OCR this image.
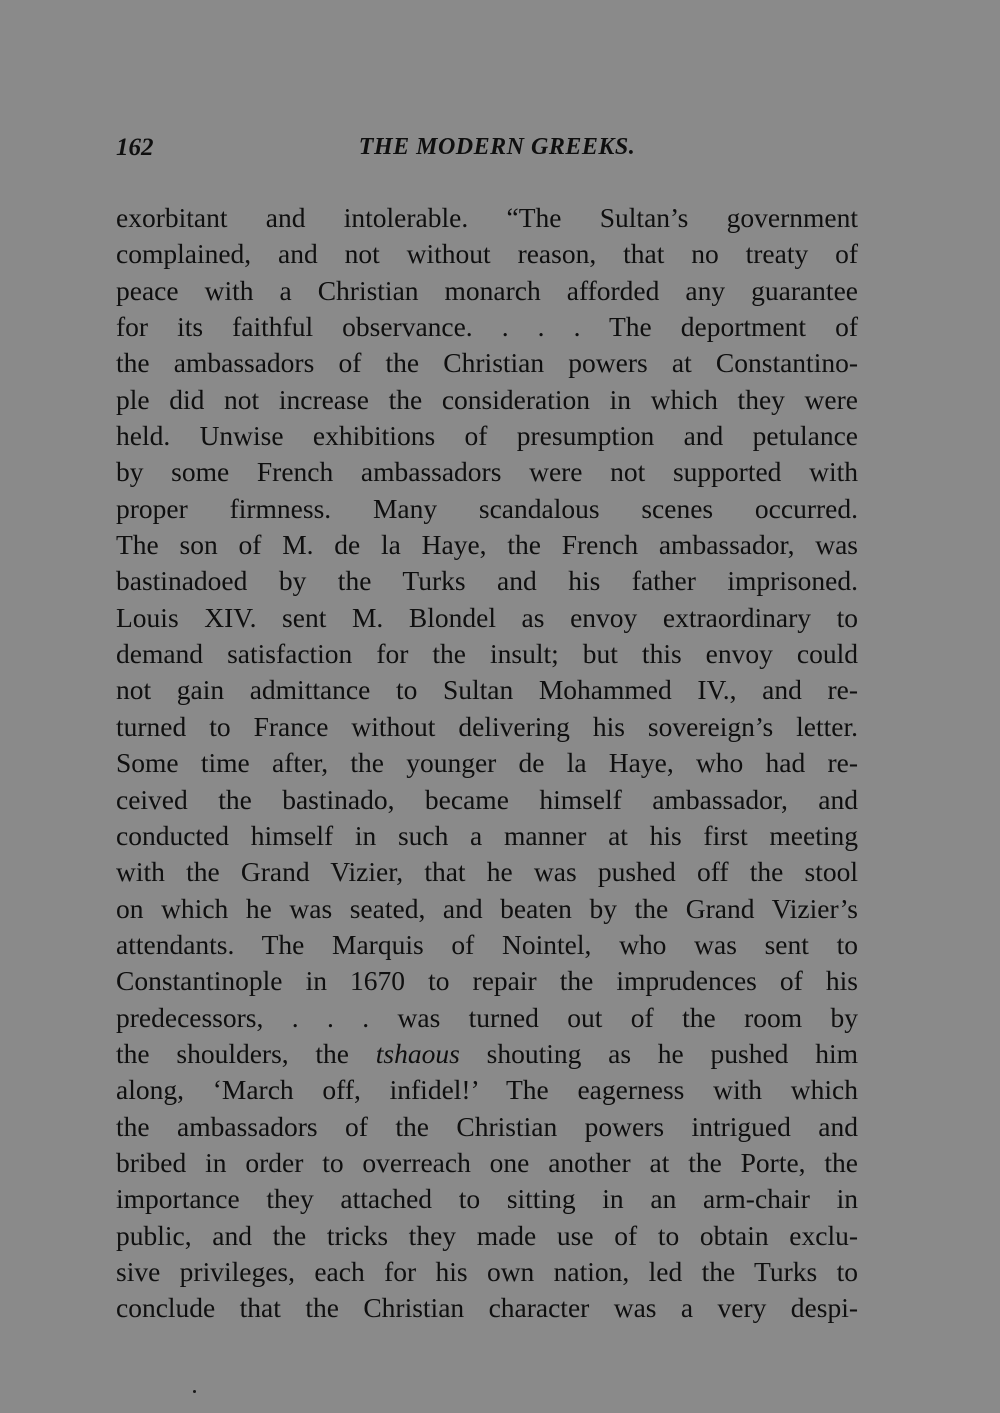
162	THE MODERN GREEKS.
exorbitant and intolerable. “The Sultan’s government
complained, and not without reason, that no treaty of
peace with a Christian monarch afforded any guarantee
for its faithful observance. . . . The deportment of
the ambassadors of the Christian powers at Constantino-
ple did not increase the consideration in which they were
held. Unwise exhibitions of presumption and petulance
by some French ambassadors were not supported with
proper firmness. Many scandalous scenes occurred.
The son of M. de la Haye, the French ambassador, was
bastinadoed by the Turks and his father imprisoned.
Louis XIV. sent M. Blondel as envoy extraordinary to
demand satisfaction for the insult; but this envoy could
not gain admittance to Sultan Mohammed IV., and re-
turned to France without delivering his sovereign’s letter.
Some time after, the younger de la Haye, who had re-
ceived the bastinado, became himself ambassador, and
conducted himself in such a manner at his first meeting
with the Grand Vizier, that he was pushed off the stool
on which he was seated, and beaten by the Grand Vizier’s
attendants. The Marquis of Nointel, who was sent to
Constantinople in 1670 to repair the imprudences of his
predecessors, . . . was turned out of the room by
the shoulders, the tshaous shouting as he pushed him
along, ‘March off, infidel!’ The eagerness with which
the ambassadors of the Christian powers intrigued and
bribed in order to overreach one another at the Porte, the
importance they attached to sitting in an arm-chair in
public, and the tricks they made use of to obtain exclu-
sive privileges, each for his own nation, led the Turks to
conclude that the Christian character was a very despi-
